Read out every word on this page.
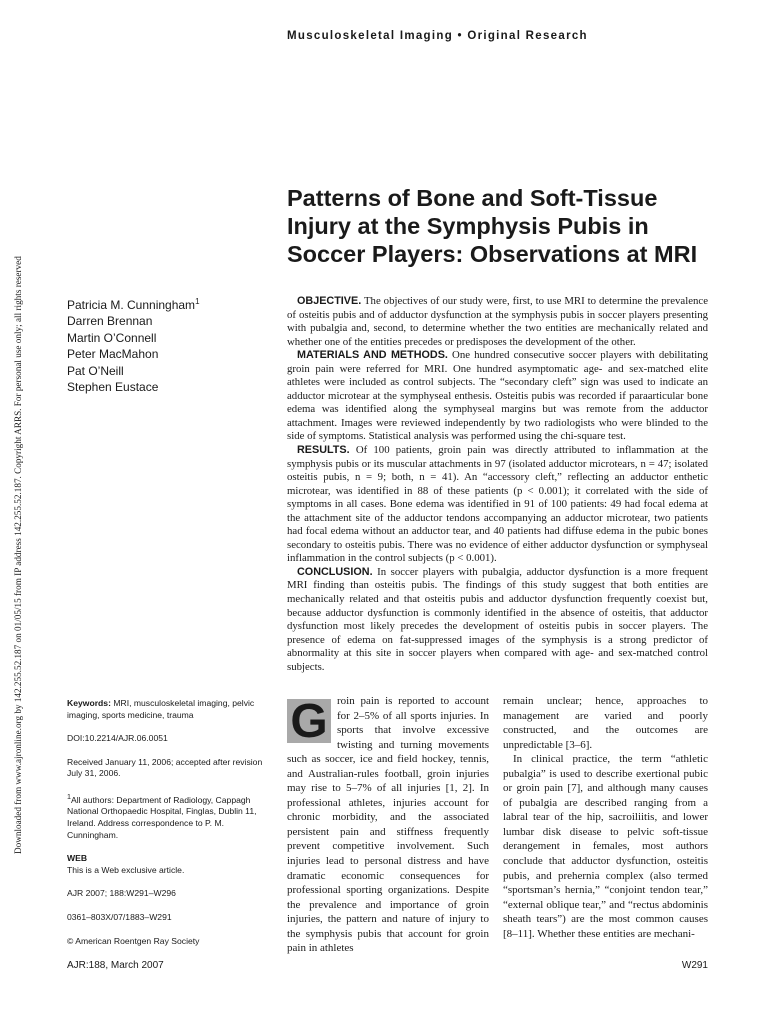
Musculoskeletal Imaging • Original Research
Downloaded from www.ajronline.org by 142.255.52.187 on 01/05/15 from IP address 142.255.52.187. Copyright ARRS. For personal use only; all rights reserved
Patterns of Bone and Soft-Tissue Injury at the Symphysis Pubis in Soccer Players: Observations at MRI
Patricia M. Cunningham$^1$
Darren Brennan
Martin O’Connell
Peter MacMahon
Pat O’Neill
Stephen Eustace

OBJECTIVE. The objectives of our study were, first, to use MRI to determine the prevalence of osteitis pubis and of adductor dysfunction at the symphysis pubis in soccer players presenting with pubalgia and, second, to determine whether the two entities are mechanically related and whether one of the entities precedes or predisposes the development of the other.

MATERIALS AND METHODS. One hundred consecutive soccer players with debilitating groin pain were referred for MRI. One hundred asymptomatic age- and sex-matched elite athletes were included as control subjects. The “secondary cleft” sign was used to indicate an adductor microtear at the symphyseal enthesis. Osteitis pubis was recorded if paraarticular bone edema was identified along the symphyseal margins but was remote from the adductor attachment. Images were reviewed independently by two radiologists who were blinded to the side of symptoms. Statistical analysis was performed using the chi-square test.

RESULTS. Of 100 patients, groin pain was directly attributed to inflammation at the symphysis pubis or its muscular attachments in 97 (isolated adductor microtears, n = 47; isolated osteitis pubis, n = 9; both, n = 41). An “accessory cleft,” reflecting an adductor enthetic microtear, was identified in 88 of these patients (p < 0.001); it correlated with the side of symptoms in all cases. Bone edema was identified in 91 of 100 patients: 49 had focal edema at the attachment site of the adductor tendons accompanying an adductor microtear, two patients had focal edema without an adductor tear, and 40 patients had diffuse edema in the pubic bones secondary to osteitis pubis. There was no evidence of either adductor dysfunction or symphyseal inflammation in the control subjects (p < 0.001).

CONCLUSION. In soccer players with pubalgia, adductor dysfunction is a more frequent MRI finding than osteitis pubis. The findings of this study suggest that both entities are mechanically related and that osteitis pubis and adductor dysfunction frequently coexist but, because adductor dysfunction is commonly identified in the absence of osteitis, that adductor dysfunction most likely precedes the development of osteitis pubis in soccer players. The presence of edema on fat-suppressed images of the symphysis is a strong predictor of abnormality at this site in soccer players when compared with age- and sex-matched control subjects.

Keywords: MRI, musculoskeletal imaging, pelvic imaging, sports medicine, trauma
DOI:10.2214/AJR.06.0051
Received January 11, 2006; accepted after revision July 31, 2006.
$^1$All authors: Department of Radiology, Cappagh National Orthopaedic Hospital, Finglas, Dublin 11, Ireland. Address correspondence to P. M. Cunningham.
WEB
This is a Web exclusive article.
AJR 2007; 188:W291–W296
0361–803X/07/1883–W291
© American Roentgen Ray Society

G roin pain is reported to account for 2–5% of all sports injuries. In sports that involve excessive twisting and turning movements such as soccer, ice and field hockey, tennis, and Australian-rules football, groin injuries may rise to 5–7% of all injuries [1, 2]. In professional athletes, injuries account for chronic morbidity, and the associated persistent pain and stiffness frequently prevent competitive involvement. Such injuries lead to personal distress and have dramatic economic consequences for professional sporting organizations. Despite the prevalence and importance of groin injuries, the pattern and nature of injury to the symphysis pubis that account for groin pain in athletes

remain unclear; hence, approaches to management are varied and poorly constructed, and the outcomes are unpredictable [3–6].

In clinical practice, the term “athletic pubalgia” is used to describe exertional pubic or groin pain [7], and although many causes of pubalgia are described ranging from a labral tear of the hip, sacroiliitis, and lower lumbar disk disease to pelvic soft-tissue derangement in females, most authors conclude that adductor dysfunction, osteitis pubis, and prehernia complex (also termed “sportsman’s hernia,” “conjoint tendon tear,” “external oblique tear,” and “rectus abdominis sheath tears”) are the most common causes [8–11]. Whether these entities are mechani-

AJR:188, March 2007	W291
